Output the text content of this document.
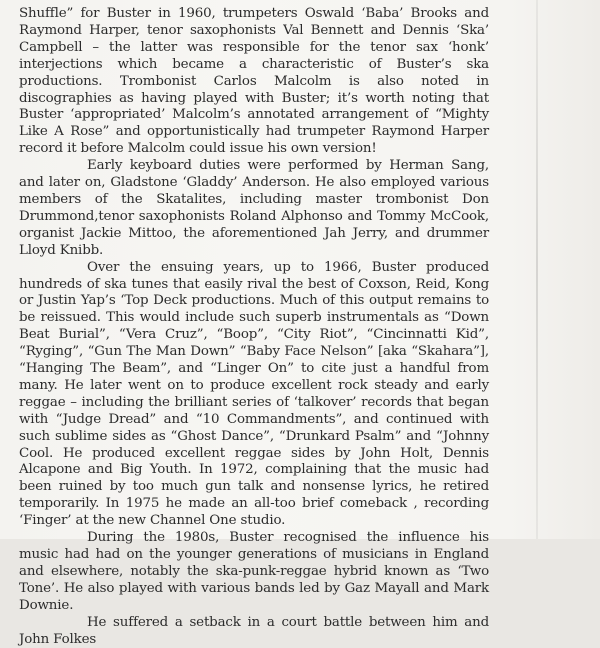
Shuffle” for Buster in 1960, trumpeters Oswald ‘Baba’ Brooks and Raymond Harper, tenor saxophonists Val Bennett and Dennis ‘Ska’ Campbell – the latter was responsible for the tenor sax ‘honk’ interjections which became a characteristic of Buster’s ska productions. Trombonist Carlos Malcolm is also noted in discographies as having played with Buster; it’s worth noting that Buster ‘appropriated’ Malcolm’s annotated arrangement of “Mighty Like A Rose” and opportunistically had trumpeter Raymond Harper record it before Malcolm could issue his own version!

Early keyboard duties were performed by Herman Sang, and later on, Gladstone ‘Gladdy’ Anderson. He also employed various members of the Skatalites, including master trombonist Don Drummond,tenor saxophonists Roland Alphonso and Tommy McCook, organist Jackie Mittoo, the aforementioned Jah Jerry, and drummer Lloyd Knibb.

Over the ensuing years, up to 1966, Buster produced hundreds of ska tunes that easily rival the best of Coxson, Reid, Kong or Justin Yap’s ‘Top Deck productions. Much of this output remains to be reissued. This would include such superb instrumentals as “Down Beat Burial”, “Vera Cruz”, “Boop”, “City Riot”, “Cincinnatti Kid”, “Ryging”, “Gun The Man Down” “Baby Face Nelson” [aka “Skahara”], “Hanging The Beam”, and “Linger On” to cite just a handful from many. He later went on to produce excellent rock steady and early reggae – including the brilliant series of ‘talkover’ records that began with “Judge Dread” and “10 Commandments”, and continued with such sublime sides as “Ghost Dance”, “Drunkard Psalm” and “Johnny Cool. He produced excellent reggae sides by John Holt, Dennis Alcapone and Big Youth. In 1972, complaining that the music had been ruined by too much gun talk and nonsense lyrics, he retired temporarily. In 1975 he made an all-too brief comeback , recording ‘Finger’ at the new Channel One studio.

During the 1980s, Buster recognised the influence his music had had on the younger generations of musicians in England and elsewhere, notably the ska-punk-reggae hybrid known as ‘Two Tone’. He also played with various bands led by Gaz Mayall and Mark Downie.

He suffered a setback in a court battle between him and John Folkes
